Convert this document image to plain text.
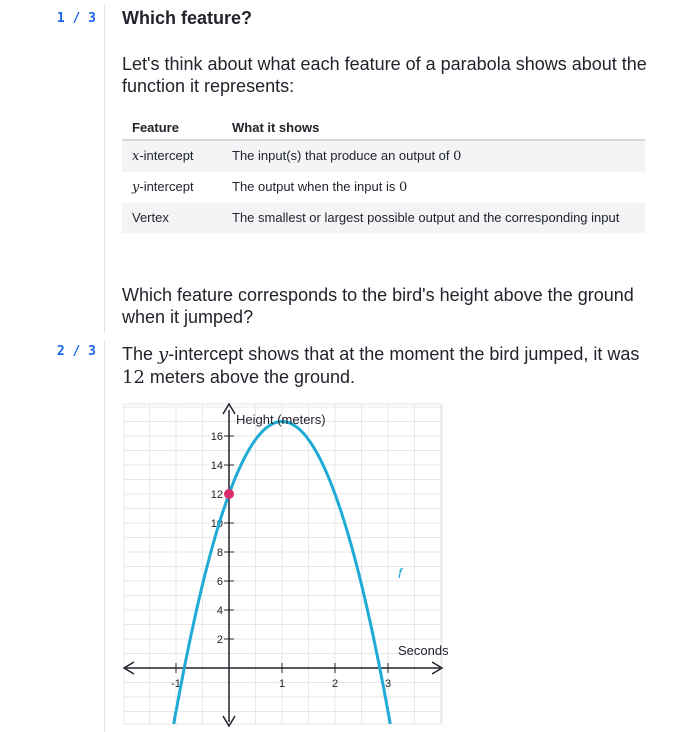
1 / 3 Which feature?
Let's think about what each feature of a parabola shows about the function it represents:
Feature	What it shows
x-intercept	The input(s) that produce an output of 0
y-intercept	The output when the input is 0
Vertex	The smallest or largest possible output and the corresponding input
Which feature corresponds to the bird's height above the ground when it jumped?
2 / 3 The y-intercept shows that at the moment the bird jumped, it was
12 meters above the ground.
-1	1	2	3
2
4
6
8
10
12
14
16
Height (meters)
Seconds
f
